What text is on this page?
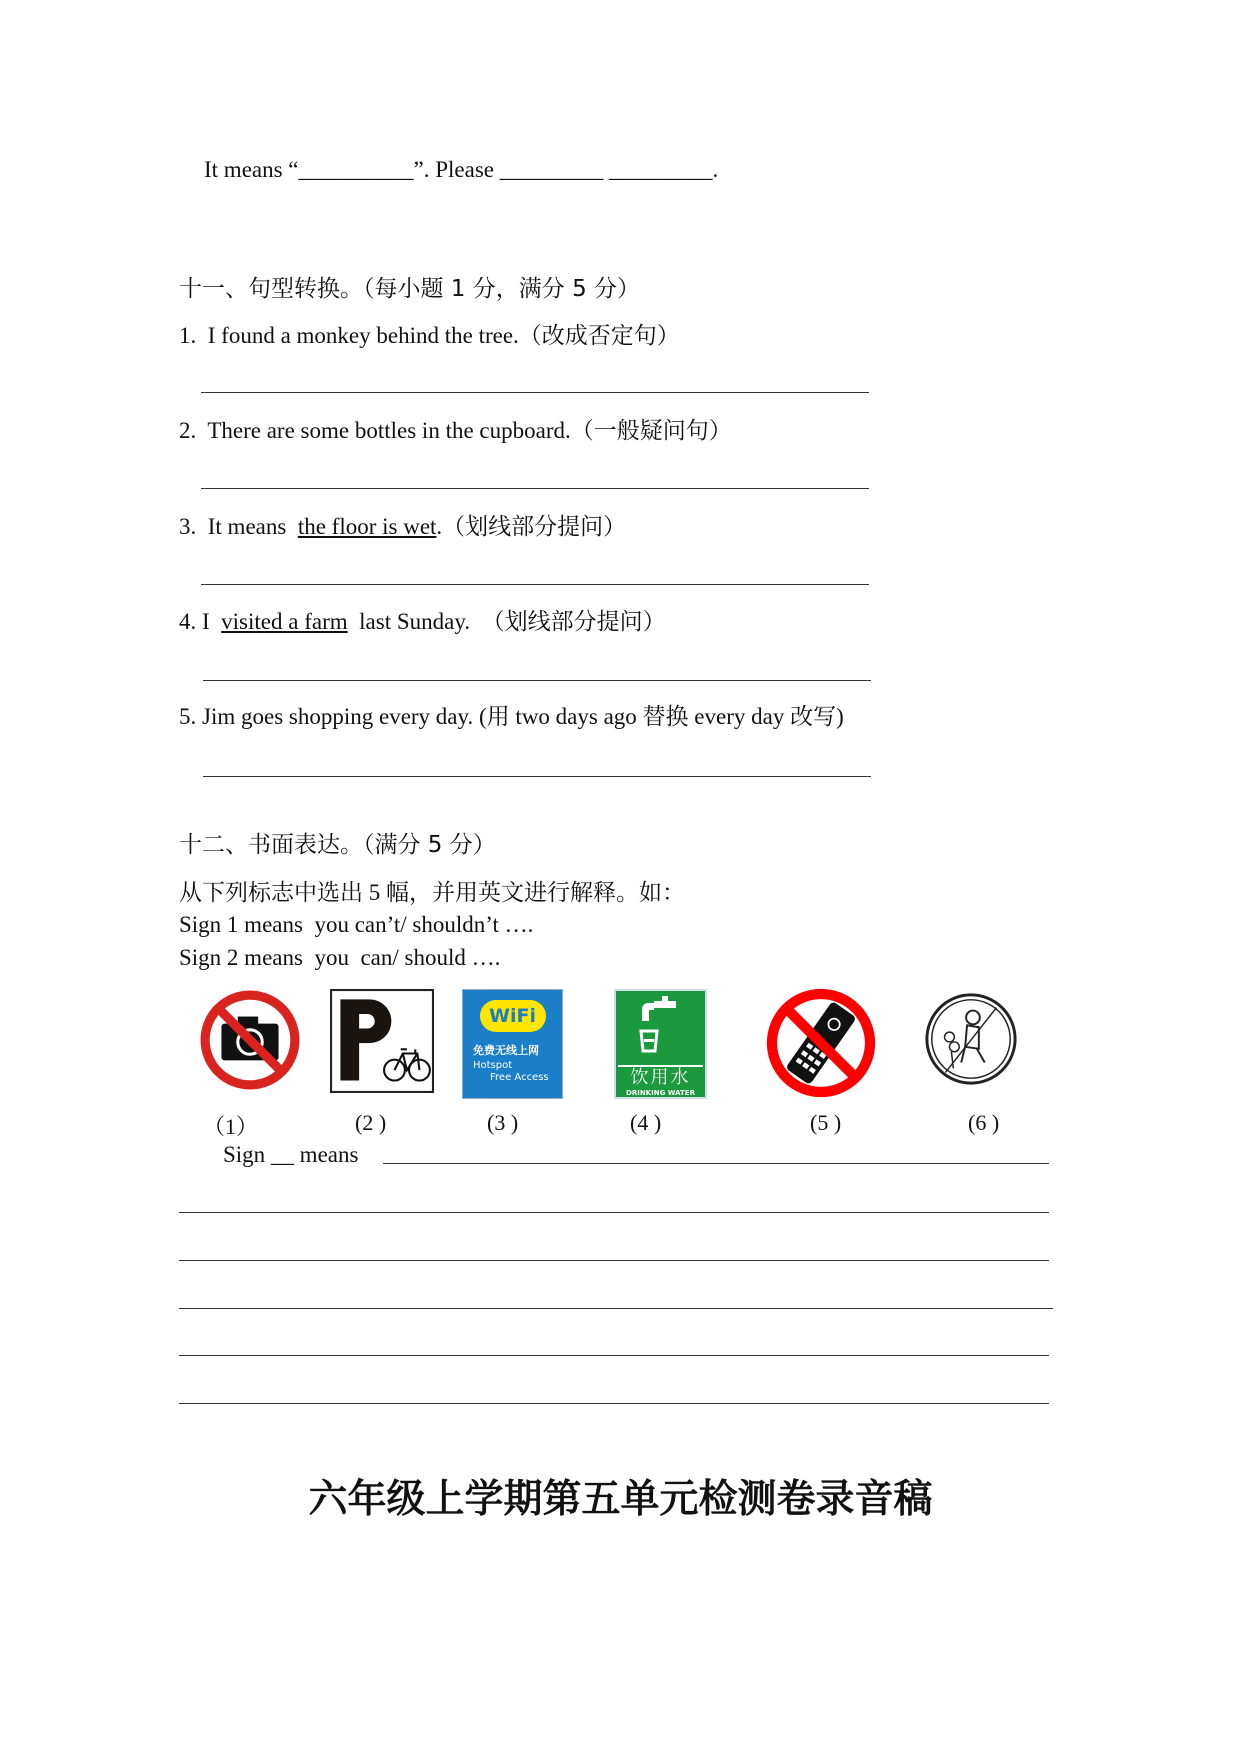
It means “__________”. Please _________ _________.
十一、句型转换。（每小题 1 分，满分 5 分）
1. I found a monkey behind the tree.（改成否定句）
2. There are some bottles in the cupboard.（一般疑问句）
3. It means  the floor is wet.（划线部分提问）
4. I  visited a farm  last Sunday.  （划线部分提问）
5. Jim goes shopping every day. (用 two days ago 替换 every day 改写)
十二、书面表达。（满分 5 分）
从下列标志中选出 5 幅，并用英文进行解释。如：
Sign 1 means  you can’t/ shouldn’t ….
Sign 2 means  you  can/ should ….
WiFi
免费无线上网
Hotspot
Free Access	饮用水
DRINKING WATER
（1）	(2 )	(3 )	(4 )	(5 )	(6 )
Sign __ means
六年级上学期第五单元检测卷录音稿
